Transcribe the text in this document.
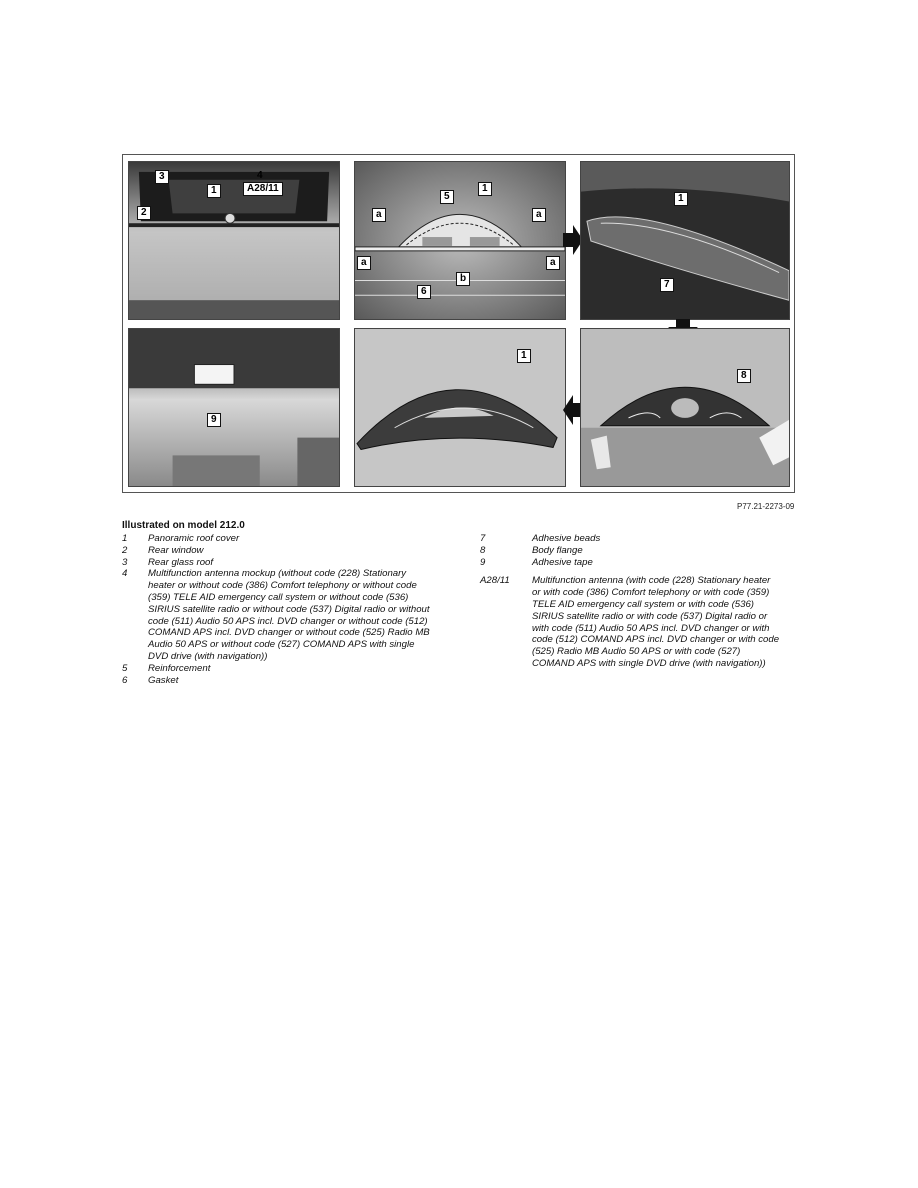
3
1
4
A28/11
2
5
1
a	a
a	a
b
6
1
7
9
1
8
P77.21-2273-09
Illustrated on model 212.0
1	Panoramic roof cover
2	Rear window
3	Rear glass roof
4	Multifunction antenna mockup (without code (228) Stationary heater or without code (386) Comfort telephony or without code (359) TELE AID emergency call system or without code (536) SIRIUS satellite radio or without code (537) Digital radio or without code (511) Audio 50 APS incl. DVD changer or without code (512) COMAND APS incl. DVD changer or without code (525) Radio MB Audio 50 APS or without code (527) COMAND APS with single DVD drive (with navigation))
5	Reinforcement
6	Gasket
7	Adhesive beads
8	Body flange
9	Adhesive tape
A28/11	Multifunction antenna (with code (228) Stationary heater or with code (386) Comfort telephony or with code (359) TELE AID emergency call system or with code (536) SIRIUS satellite radio or with code (537) Digital radio or with code (511) Audio 50 APS incl. DVD changer or with code (512) COMAND APS incl. DVD changer or with code (525) Radio MB Audio 50 APS or with code (527) COMAND APS with single DVD drive (with navigation))
